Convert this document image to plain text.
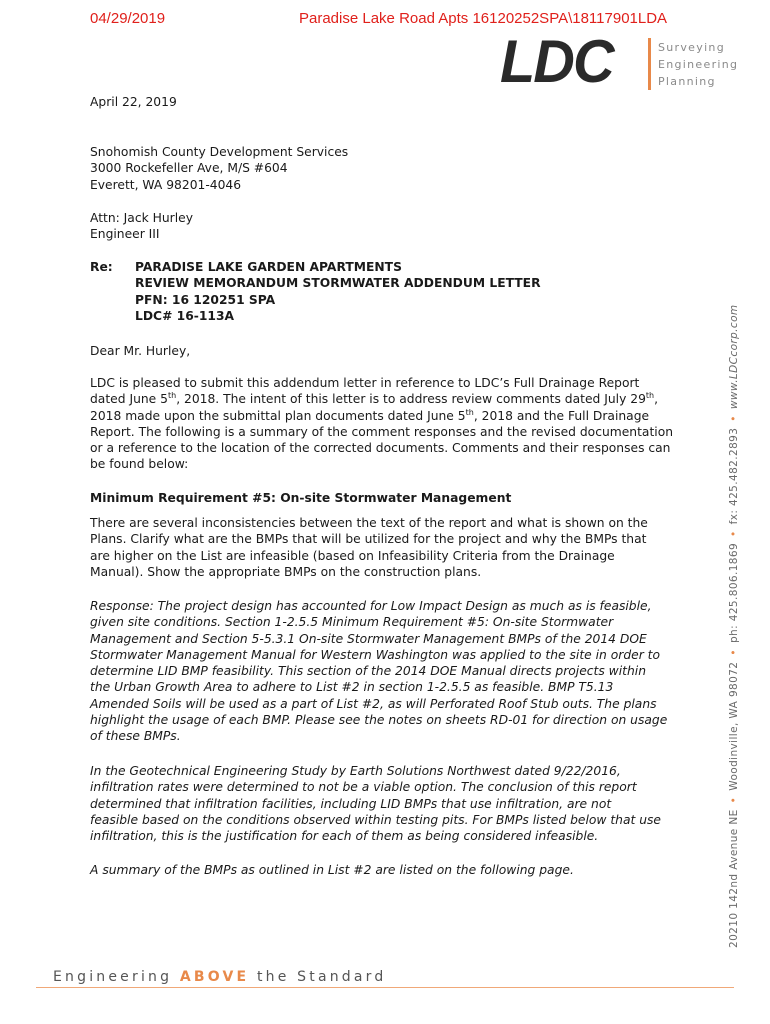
04/29/2019	Paradise Lake Road Apts 16120252SPA\18117901LDA
LDC	Surveying
Engineering
Planning
April 22, 2019
Snohomish County Development Services
3000 Rockefeller Ave, M/S #604
Everett, WA 98201-4046
Attn: Jack Hurley
Engineer III
Re: PARADISE LAKE GARDEN APARTMENTS
REVIEW MEMORANDUM STORMWATER ADDENDUM LETTER
PFN: 16 120251 SPA
LDC# 16-113A
Dear Mr. Hurley,
LDC is pleased to submit this addendum letter in reference to LDC’s Full Drainage Report
dated June 5th, 2018. The intent of this letter is to address review comments dated July 29th,
2018 made upon the submittal plan documents dated June 5th, 2018 and the Full Drainage
Report. The following is a summary of the comment responses and the revised documentation
or a reference to the location of the corrected documents. Comments and their responses can
be found below:
Minimum Requirement #5: On-site Stormwater Management
There are several inconsistencies between the text of the report and what is shown on the
Plans. Clarify what are the BMPs that will be utilized for the project and why the BMPs that
are higher on the List are infeasible (based on Infeasibility Criteria from the Drainage
Manual). Show the appropriate BMPs on the construction plans.
Response: The project design has accounted for Low Impact Design as much as is feasible,
given site conditions. Section 1-2.5.5 Minimum Requirement #5: On-site Stormwater
Management and Section 5-5.3.1 On-site Stormwater Management BMPs of the 2014 DOE
Stormwater Management Manual for Western Washington was applied to the site in order to
determine LID BMP feasibility. This section of the 2014 DOE Manual directs projects within
the Urban Growth Area to adhere to List #2 in section 1-2.5.5 as feasible. BMP T5.13
Amended Soils will be used as a part of List #2, as will Perforated Roof Stub outs. The plans
highlight the usage of each BMP. Please see the notes on sheets RD-01 for direction on usage
of these BMPs.
In the Geotechnical Engineering Study by Earth Solutions Northwest dated 9/22/2016,
infiltration rates were determined to not be a viable option. The conclusion of this report
determined that infiltration facilities, including LID BMPs that use infiltration, are not
feasible based on the conditions observed within testing pits. For BMPs listed below that use
infiltration, this is the justification for each of them as being considered infeasible.
A summary of the BMPs as outlined in List #2 are listed on the following page.	20210 142nd Avenue NE•Woodinville, WA 98072•ph: 425.806.1869•fx: 425.482.2893•www.LDCcorp.com
Engineering ABOVE the Standard
